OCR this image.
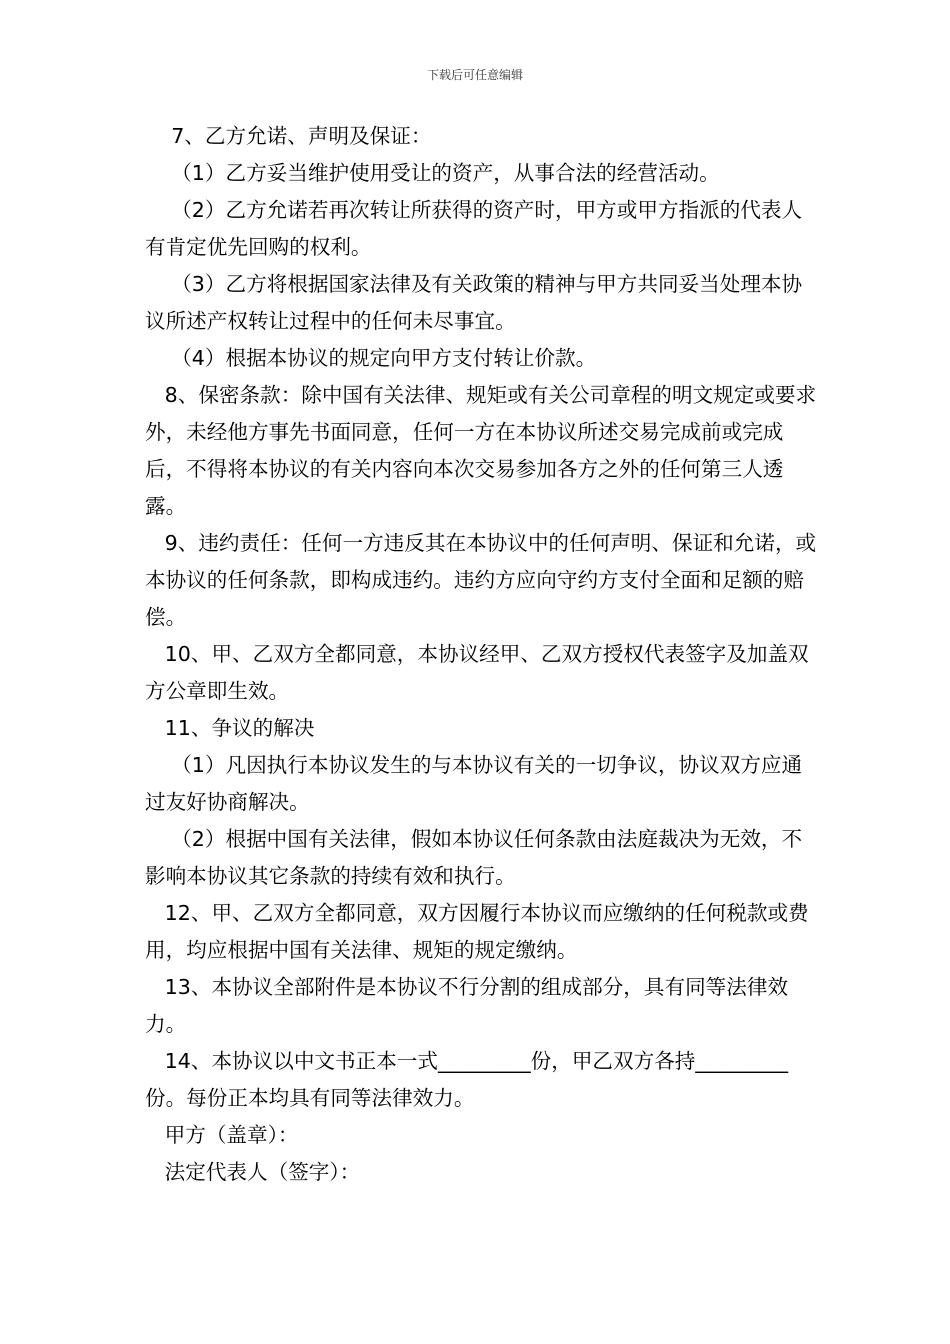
下载后可任意编辑

7、乙方允诺、声明及保证：

（1）乙方妥当维护使用受让的资产，从事合法的经营活动。

（2）乙方允诺若再次转让所获得的资产时，甲方或甲方指派的代表人有肯定优先回购的权利。

（3）乙方将根据国家法律及有关政策的精神与甲方共同妥当处理本协议所述产权转让过程中的任何未尽事宜。

（4）根据本协议的规定向甲方支付转让价款。

8、保密条款：除中国有关法律、规矩或有关公司章程的明文规定或要求外，未经他方事先书面同意，任何一方在本协议所述交易完成前或完成后，不得将本协议的有关内容向本次交易参加各方之外的任何第三人透露。

9、违约责任：任何一方违反其在本协议中的任何声明、保证和允诺，或本协议的任何条款，即构成违约。违约方应向守约方支付全面和足额的赔偿。

10、甲、乙双方全都同意，本协议经甲、乙双方授权代表签字及加盖双方公章即生效。

11、争议的解决

（1）凡因执行本协议发生的与本协议有关的一切争议，协议双方应通过友好协商解决。

（2）根据中国有关法律，假如本协议任何条款由法庭裁决为无效，不影响本协议其它条款的持续有效和执行。

12、甲、乙双方全都同意，双方因履行本协议而应缴纳的任何税款或费用，均应根据中国有关法律、规矩的规定缴纳。

13、本协议全部附件是本协议不行分割的组成部分，具有同等法律效力。

14、本协议以中文书正本一式_________份，甲乙双方各持_________份。每份正本均具有同等法律效力。

甲方（盖章）：

法定代表人（签字）：
